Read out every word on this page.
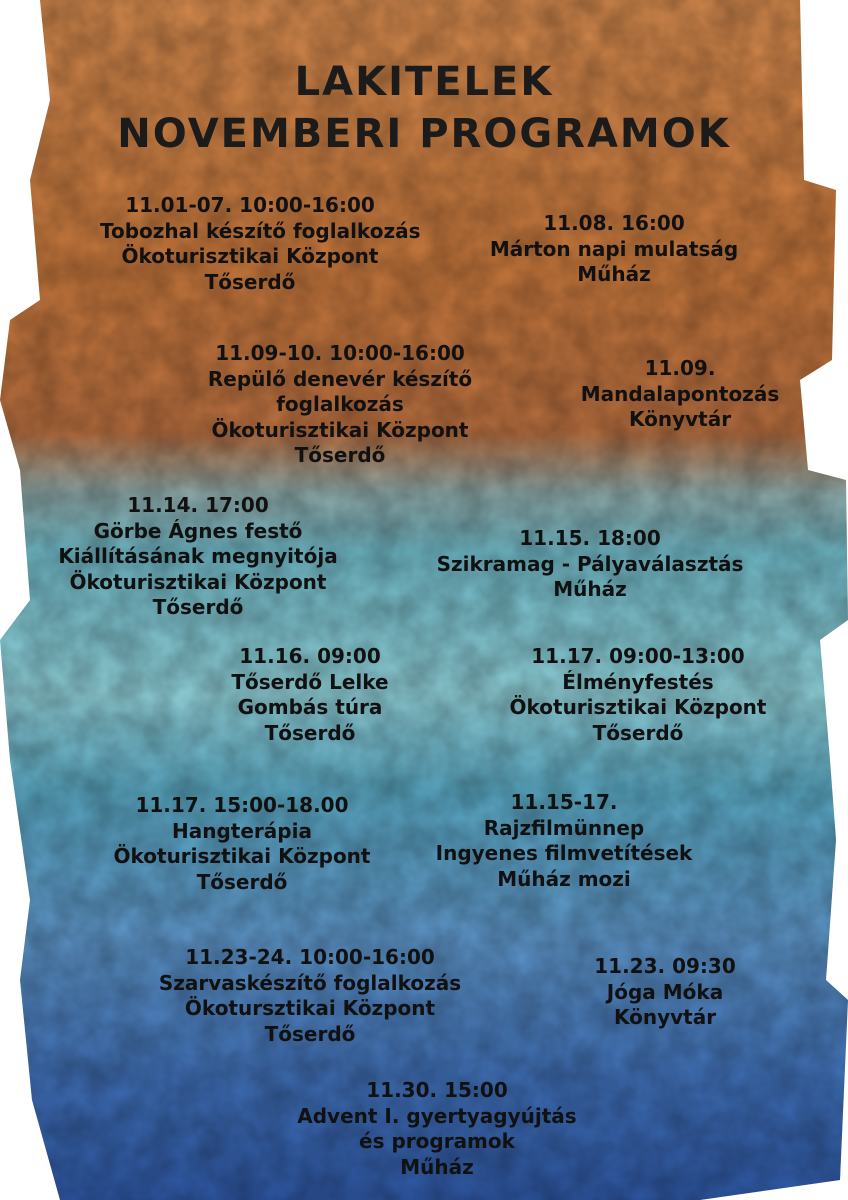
LAKITELEK
NOVEMBERI PROGRAMOK
11.01-07. 10:00-16:00
Tobozhal készítő foglalkozás
Ökoturisztikai Központ
Tőserdő
11.08. 16:00
Márton napi mulatság
Műház
11.09-10. 10:00-16:00
Repülő denevér készítő
foglalkozás
Ökoturisztikai Központ
Tőserdő
11.09.
Mandalapontozás
Könyvtár
11.14. 17:00
Görbe Ágnes festő
Kiállításának megnyitója
Ökoturisztikai Központ
Tőserdő
11.15. 18:00
Szikramag - Pályaválasztás
Műház
11.16. 09:00
Tőserdő Lelke
Gombás túra
Tőserdő
11.17. 09:00-13:00
Élményfestés
Ökoturisztikai Központ
Tőserdő
11.17. 15:00-18.00
Hangterápia
Ökoturisztikai Központ
Tőserdő
11.15-17.
Rajzfilmünnep
Ingyenes filmvetítések
Műház mozi
11.23-24. 10:00-16:00
Szarvaskészítő foglalkozás
Ökotursztikai Központ
Tőserdő
11.23. 09:30
Jóga Móka
Könyvtár
11.30. 15:00
Advent I. gyertyagyújtás
és programok
Műház
